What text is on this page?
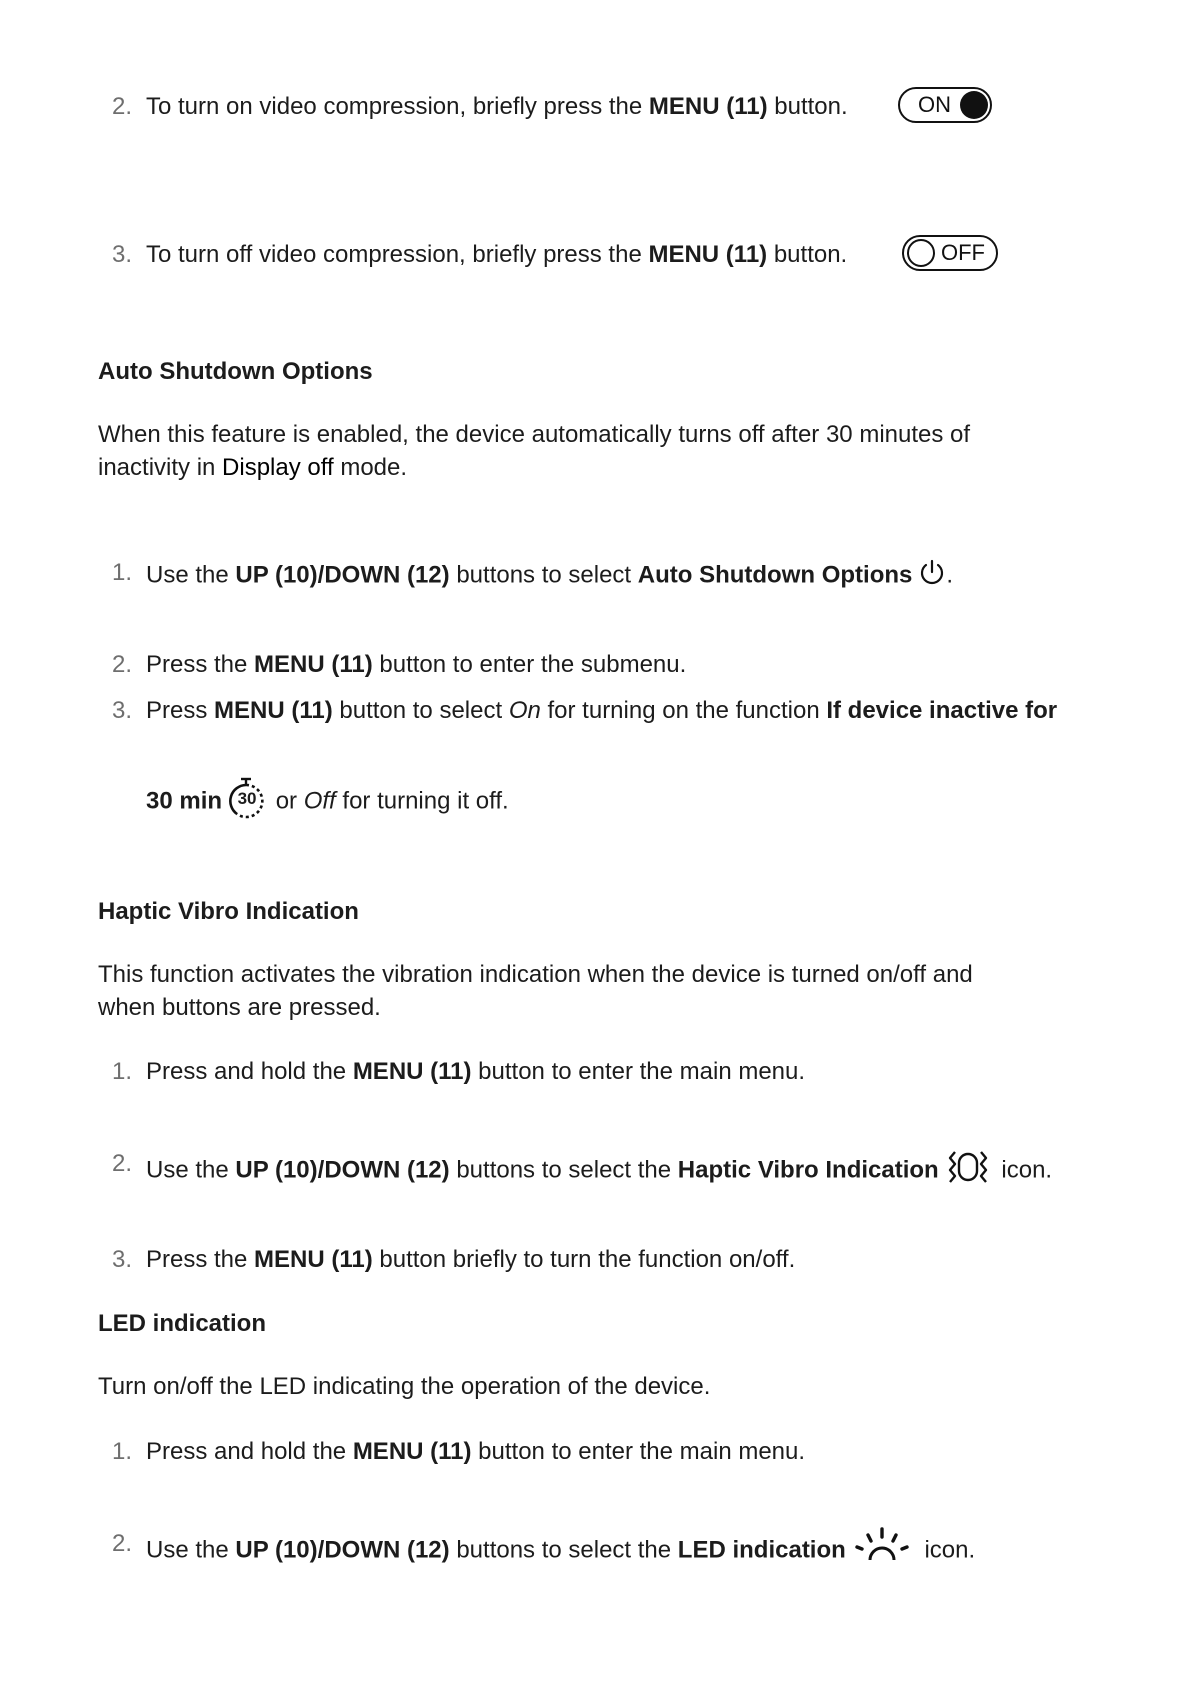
2. To turn on video compression, briefly press the MENU (11) button.	ON
3. To turn off video compression, briefly press the MENU (11) button.	OFF
Auto Shutdown Options
When this feature is enabled, the device automatically turns off after 30 minutes of
inactivity in Display off mode.
1. Use the UP (10)/DOWN (12) buttons to select Auto Shutdown Options .
2. Press the MENU (11) button to enter the submenu.
3. Press MENU (11) button to select On for turning on the function If device inactive for
30 min 30 or Off for turning it off.
Haptic Vibro Indication
This function activates the vibration indication when the device is turned on/off and
when buttons are pressed.
1. Press and hold the MENU (11) button to enter the main menu.
2. Use the UP (10)/DOWN (12) buttons to select the Haptic Vibro Indication icon.
3. Press the MENU (11) button briefly to turn the function on/off.
LED indication
Turn on/off the LED indicating the operation of the device.
1. Press and hold the MENU (11) button to enter the main menu.
2. Use the UP (10)/DOWN (12) buttons to select the LED indication	icon.
